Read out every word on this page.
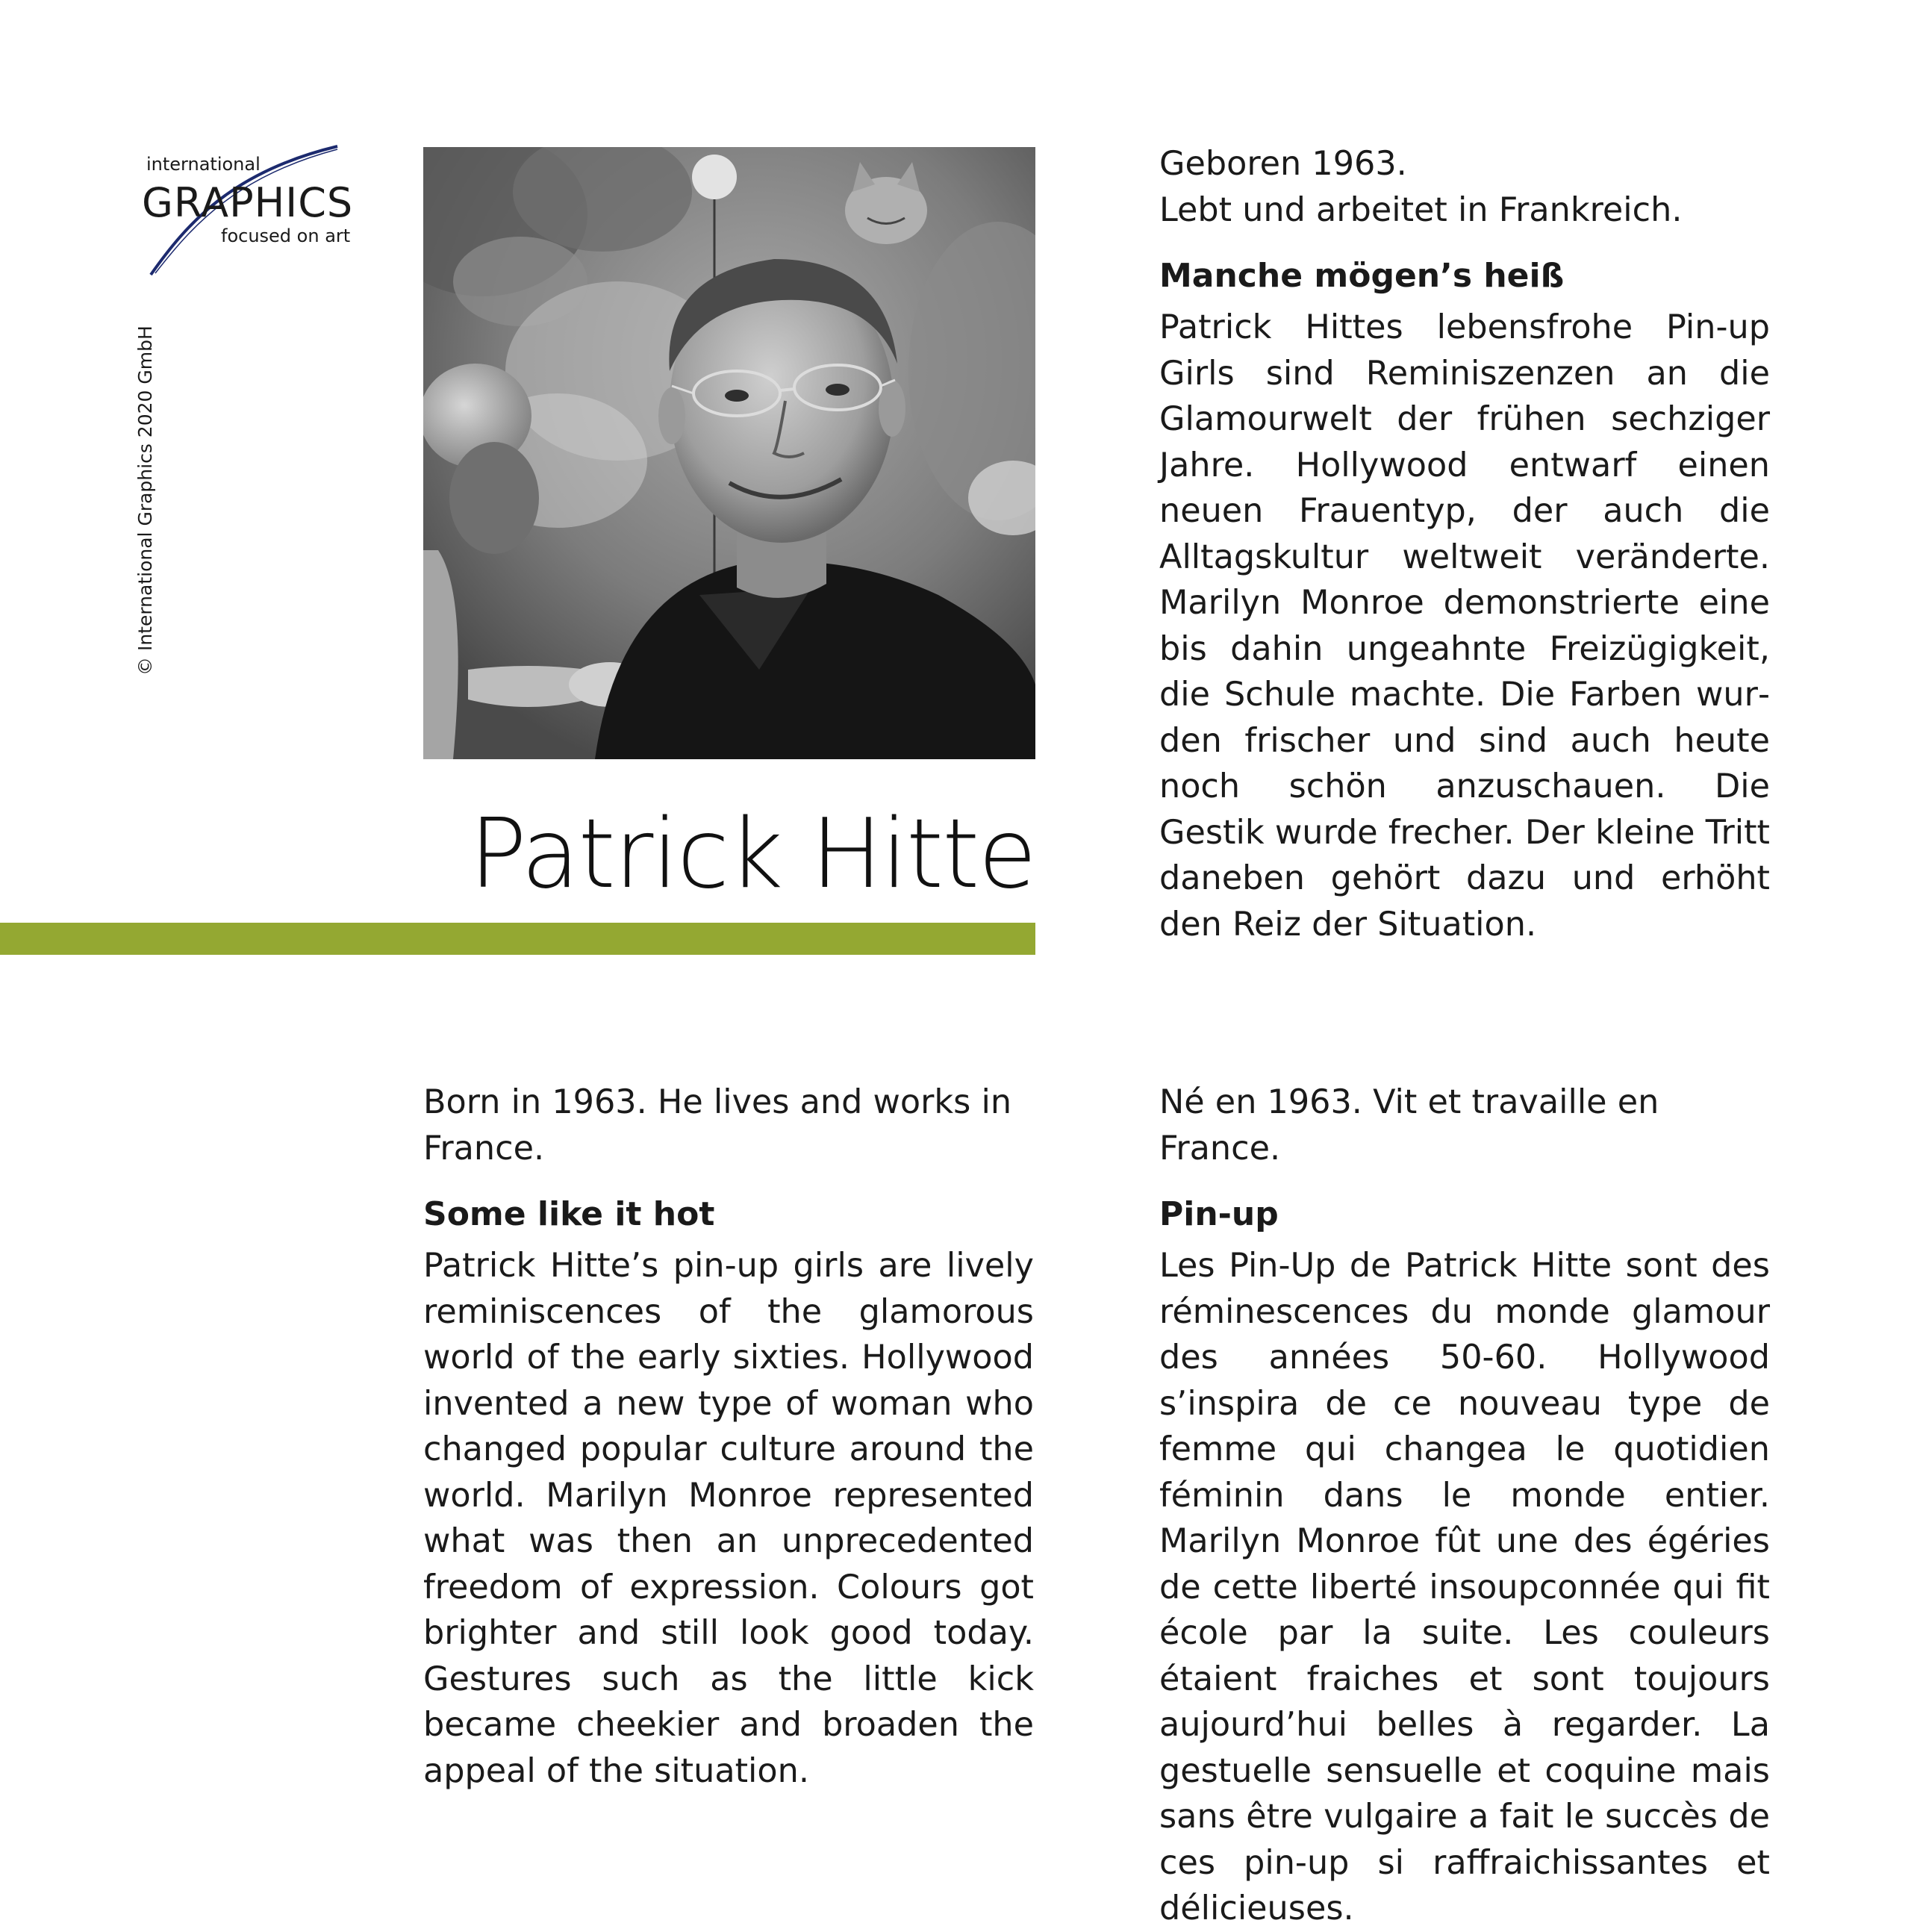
international
GRAPHICS
focused on art
© International Graphics 2020 GmbH
Patrick Hitte

Geboren 1963.
Lebt und arbeitet in Frankreich.

Manche mögen’s heiß

Patrick Hittes lebensfrohe Pin-up Girls sind Reminiszenzen an die Glamourwelt der frühen sechziger Jahre. Hollywood entwarf einen neuen Frauentyp, der auch die Alltagskultur weltweit veränderte. Marilyn Monroe demonstrierte eine bis dahin ungeahnte Freizügigkeit, die Schule machte. Die Farben wurden frischer und sind auch heute noch schön anzuschauen. Die Gestik wurde frecher. Der kleine Tritt daneben gehört dazu und erhöht den Reiz der Situation.

Born in 1963. He lives and works in France.

Some like it hot

Patrick Hitte’s pin-up girls are lively reminiscences of the glamorous world of the early sixties. Hollywood invented a new type of woman who changed popular culture around the world. Marilyn Monroe represented what was then an unprecedented freedom of expression. Colours got brighter and still look good today. Gestures such as the little kick became cheekier and broaden the appeal of the situation.

Né en 1963. Vit et travaille en France.

Pin-up

Les Pin-Up de Patrick Hitte sont des réminescences du monde glamour des années 50-60. Hollywood s’inspira de ce nouveau type de femme qui changea le quotidien féminin dans le monde entier. Marilyn Monroe fût une des égéries de cette liberté insoupconnée qui fit école par la suite. Les couleurs étaient fraiches et sont toujours aujourd’hui belles à regarder. La gestuelle sensuelle et coquine mais sans être vulgaire a fait le succès de ces pin-up si raffraichissantes et délicieuses.
